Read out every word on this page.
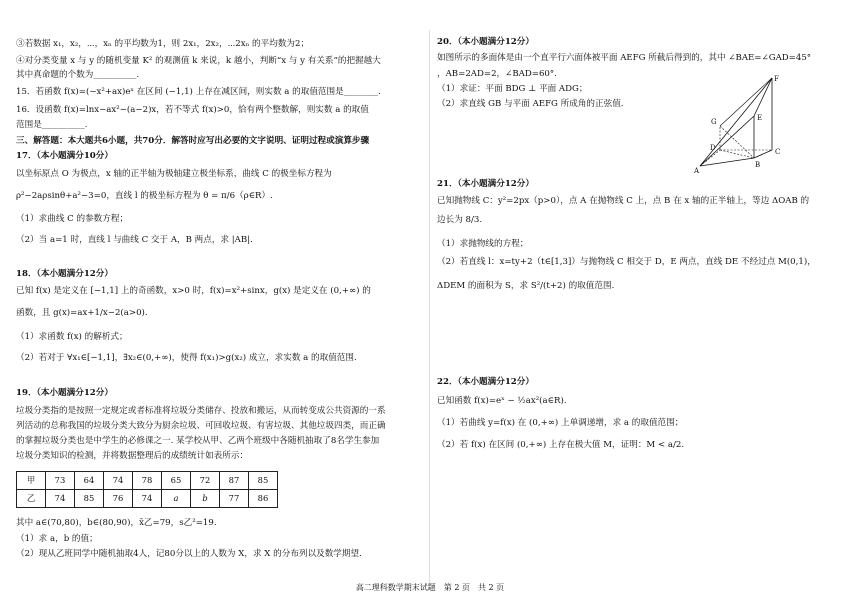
③若数据 x₁，x₂，⋯，xₙ 的平均数为1，则 2x₁，2x₂，⋯2xₙ 的平均数为2；
④对分类变量 x 与 y 的随机变量 K² 的观测值 k 来说，k 越小，判断“x 与 y 有关系”的把握越大
其中真命题的个数为__________.
15．若函数 f(x)=(−x²+ax)eˣ 在区间 (−1,1) 上存在减区间，则实数 a 的取值范围是________.
16．设函数 f(x)=lnx−ax²−(a−2)x，若不等式 f(x)>0，恰有两个整数解，则实数 a 的取值
范围是__________.
三、解答题：本大题共6小题，共70分．解答时应写出必要的文字说明、证明过程或演算步骤
17．（本小题满分10分）
以坐标原点 O 为极点，x 轴的正半轴为极轴建立极坐标系，曲线 C 的极坐标方程为
ρ²−2aρsinθ+a²−3=0，直线 l 的极坐标方程为 θ = π/6（ρ∈R）.
（1）求曲线 C 的参数方程；
（2）当 a=1 时，直线 l 与曲线 C 交于 A，B 两点，求 |AB|.
18．（本小题满分12分）
已知 f(x) 是定义在 [−1,1] 上的奇函数，x>0 时，f(x)=x²+sinx，g(x) 是定义在 (0,+∞) 的
函数，且 g(x)=ax+1/x−2(a>0).
（1）求函数 f(x) 的解析式；
（2）若对于 ∀x₁∈[−1,1]，∃x₂∈(0,+∞)，使得 f(x₁)>g(x₂) 成立，求实数 a 的取值范围.
19．（本小题满分12分）
垃圾分类指的是按照一定规定或者标准将垃圾分类储存、投放和搬运，从而转变成公共资源的一系
列活动的总称我国的垃圾分类大致分为厨余垃圾、可回收垃圾、有害垃圾、其他垃圾四类，而正确
的掌握垃圾分类也是中学生的必修课之一. 某学校从甲、乙两个班级中各随机抽取了8名学生参加
垃圾分类知识的检测，并将数据整理后的成绩统计如表所示：
甲	73	64	74	78	65	72	87	85
乙	74	85	76	74	a	b	77	86
其中 a∈(70,80)，b∈(80,90)，x̄乙=79，s乙²=19.
（1）求 a，b 的值；
（2）现从乙班同学中随机抽取4人，记80分以上的人数为 X，求 X 的分布列以及数学期望.
20．（本小题满分12分）
如图所示的多面体是由一个直平行六面体被平面 AEFG 所截后得到的，其中 ∠BAE=∠GAD=45°
，AB=2AD=2，∠BAD=60°.
（1）求证：平面 BDG ⊥ 平面 ADG；
（2）求直线 GB 与平面 AEFG 所成角的正弦值.
A
B
C
D
E
F
G
21．（本小题满分12分）
已知抛物线 C：y²=2px（p>0），点 A 在抛物线 C 上，点 B 在 x 轴的正半轴上，等边 ΔOAB 的
边长为 8/3.
（1）求抛物线的方程；
（2）若直线 l：x=ty+2（t∈[1,3]）与抛物线 C 相交于 D，E 两点，直线 DE 不经过点 M(0,1)，
ΔDEM 的面积为 S，求 S²/(t+2) 的取值范围.
22．（本小题满分12分）
已知函数 f(x)=eˣ − ½ax²(a∈R).
（1）若曲线 y=f(x) 在 (0,+∞) 上单调递增，求 a 的取值范围；
（2）若 f(x) 在区间 (0,+∞) 上存在极大值 M，证明：M < a/2.
高二理科数学期末试题　第 2 页　共 2 页
